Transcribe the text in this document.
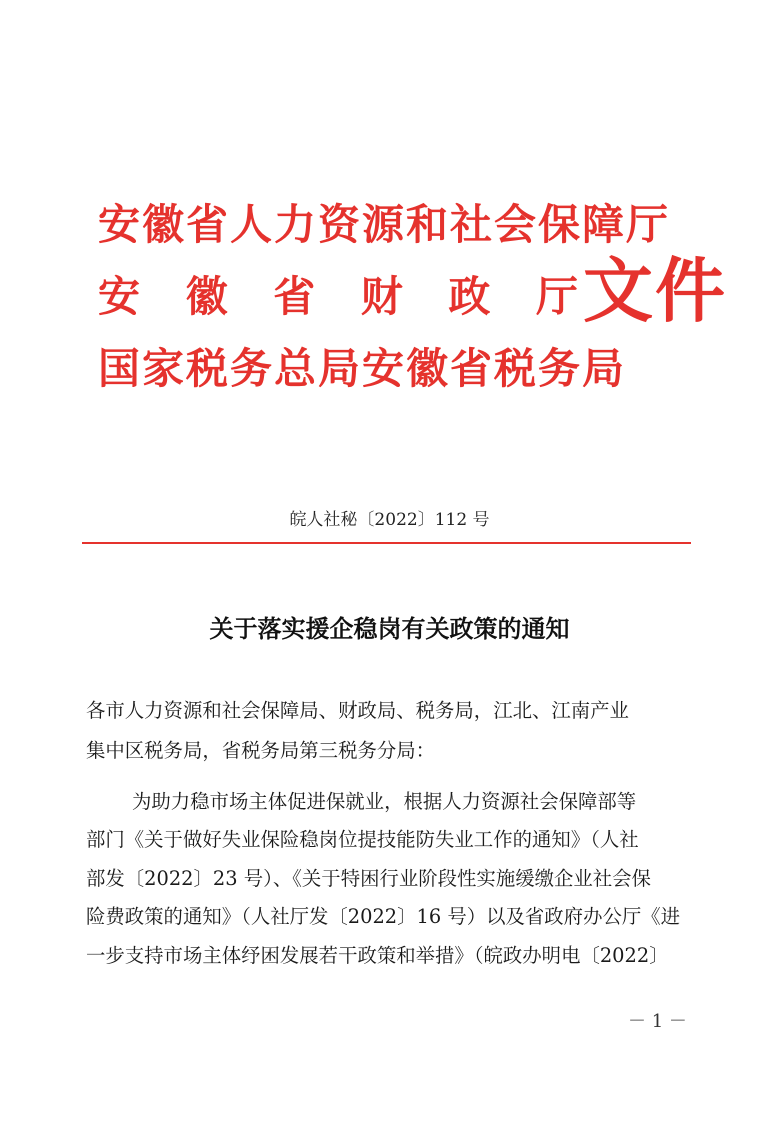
安徽省人力资源和社会保障厅
安 徽 省 财 政 厅
国家税务总局安徽省税务局
文件
皖人社秘〔2022〕112 号
关于落实援企稳岗有关政策的通知
各市人力资源和社会保障局、财政局、税务局，江北、江南产业
集中区税务局，省税务局第三税务分局：
为助力稳市场主体促进保就业，根据人力资源社会保障部等
部门《关于做好失业保险稳岗位提技能防失业工作的通知》（人社
部发〔2022〕23 号）、《关于特困行业阶段性实施缓缴企业社会保
险费政策的通知》（人社厅发〔2022〕16 号）以及省政府办公厅《进
一步支持市场主体纾困发展若干政策和举措》（皖政办明电〔2022〕
－ 1 －
